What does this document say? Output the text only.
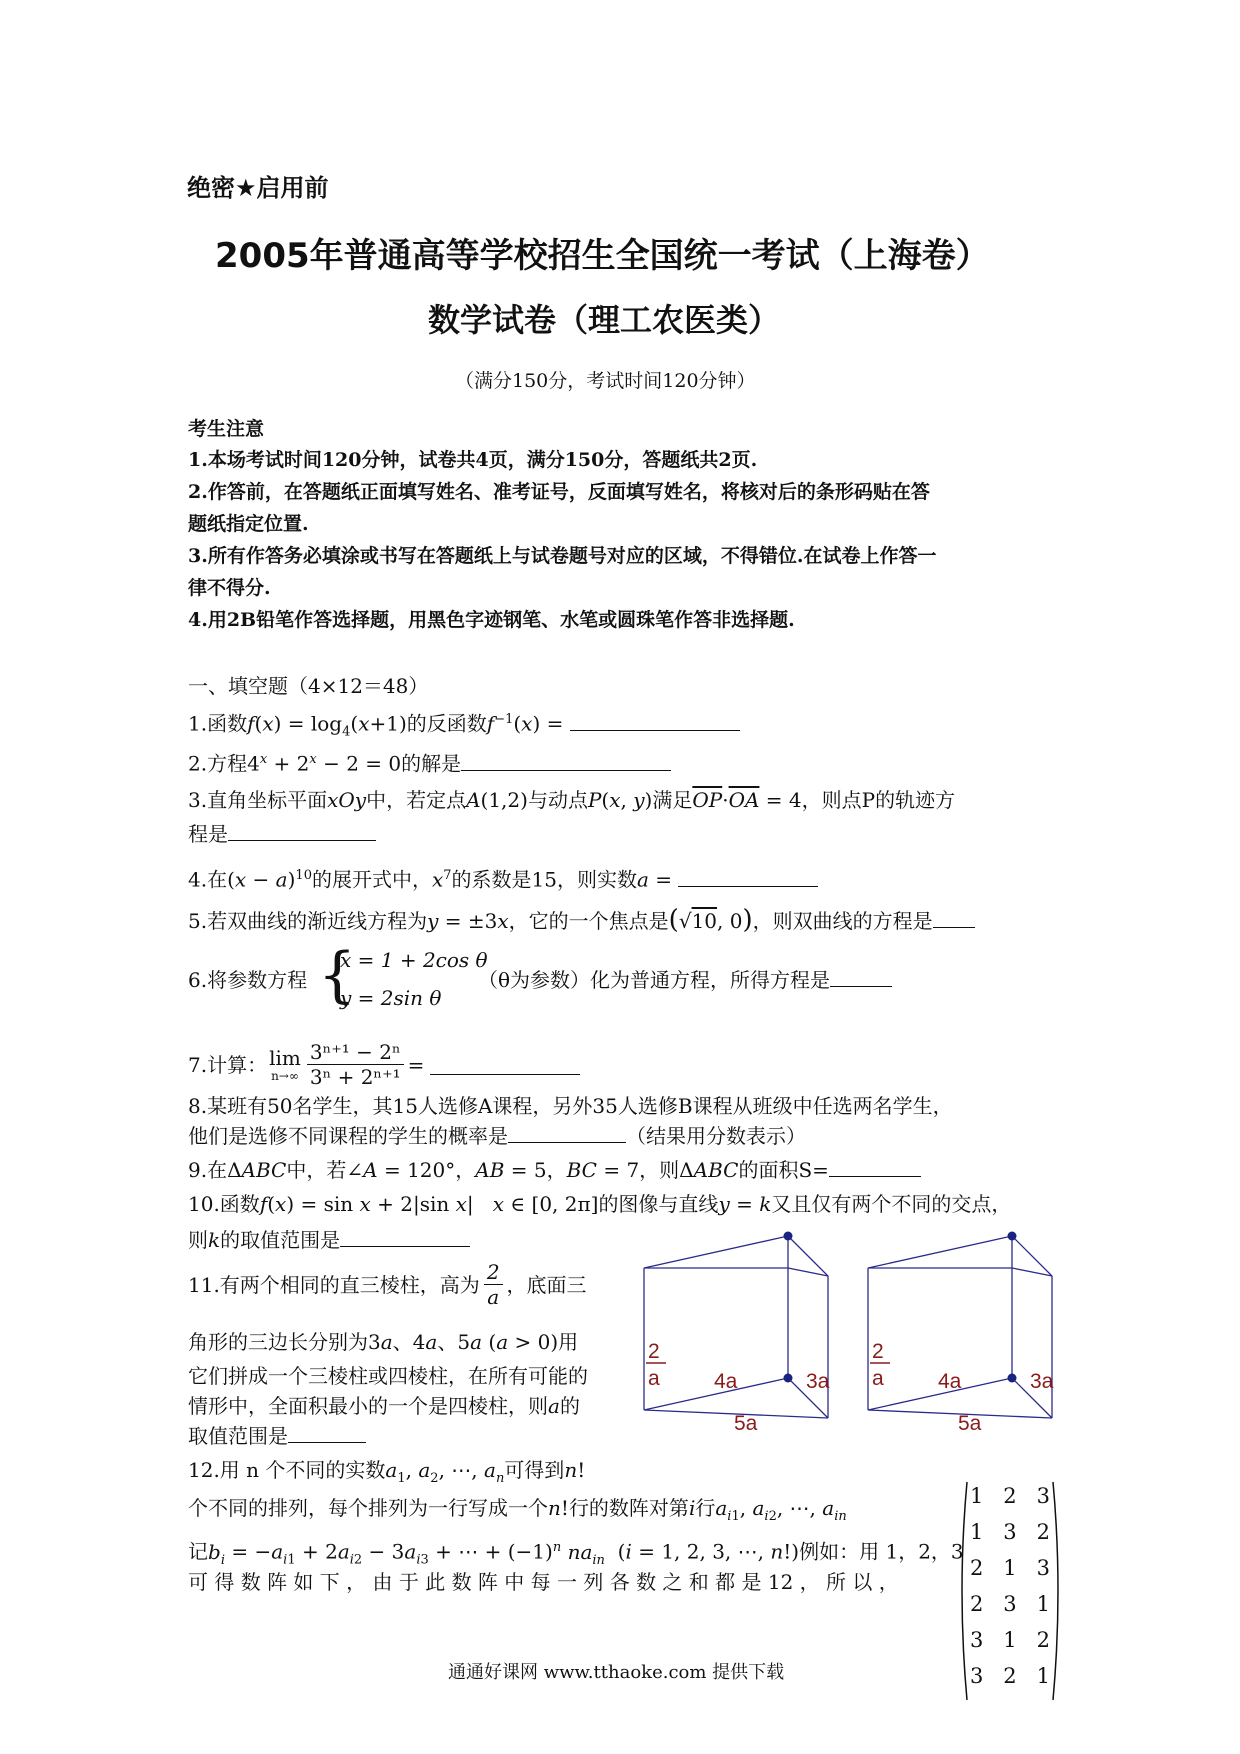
绝密★启用前
2005年普通高等学校招生全国统一考试（上海卷）
数学试卷（理工农医类）
（满分150分，考试时间120分钟）
考生注意
1.本场考试时间120分钟，试卷共4页，满分150分，答题纸共2页.
2.作答前，在答题纸正面填写姓名、准考证号，反面填写姓名，将核对后的条形码贴在答
题纸指定位置.
3.所有作答务必填涂或书写在答题纸上与试卷题号对应的区域，不得错位.在试卷上作答一
律不得分.
4.用2B铅笔作答选择题，用黑色字迹钢笔、水笔或圆珠笔作答非选择题.
一、填空题（4×12＝48）
1.函数$f(x) = \log_4(x+1)$的反函数$f^{-1}(x)$ =
2.方程$4^x + 2^x - 2 = 0$的解是
3.直角坐标平面xOy中，若定点A(1,2)与动点P(x, y)满足$\overline{OP}\cdot\overline{OA} = 4$，则点P的轨迹方
程是
4.在$(x - a)^{10}$的展开式中，$x^7$的系数是15，则实数a =
5.若双曲线的渐近线方程为y = ±3x，它的一个焦点是(√10, 0)，则双曲线的方程是
6.将参数方程 {
x = 1 + 2cos θ
y = 2sin θ
（θ为参数）化为普通方程，所得方程是
7.计算： lim
$n\to\infty \frac{\text{3ⁿ⁺¹ − 2ⁿ}}{\text{3ⁿ + 2ⁿ⁺¹}}$ =
8.某班有50名学生，其15人选修A课程，另外35人选修B课程从班级中任选两名学生，
他们是选修不同课程的学生的概率是	（结果用分数表示）
9.在ΔABC中，若∠A = 120°，AB = 5，BC = 7，则ΔABC的面积S=
10.函数f(x) = sin x + 2|sin x|   x ∈ [0, 2π]的图像与直线y = k又且仅有两个不同的交点，
则k的取值范围是
11.有两个相同的直三棱柱，高为 $\frac{2}{a}$ ，底面三
角形的三边长分别为3a、4a、5a (a > 0)用
它们拼成一个三棱柱或四棱柱，在所有可能的
情形中，全面积最小的一个是四棱柱，则a的
取值范围是
2
a	4a	3a
5a
2
a	4a	3a
5a
12.用 n 个不同的实数$a_1$, $a_2$, ⋯, $a_n$可得到n!
个不同的排列，每个排列为一行写成一个n!行的数阵对第i行$a_{i1}$, $a_{i2}$, ⋯, $a_{in}$
记$b_i = -a_{i1} + 2a_{i2} - 3a_{i3}$ + ⋯ + $(-1)^n$ $na_{in}$  (i = 1, 2, 3, ⋯, n!)例如：用 1，2，3
可 得 数 阵 如 下 ， 由 于 此 数 阵 中 每 一 列 各 数 之 和 都 是 12 ， 所 以 ，
1 2 3
1 3 2
2 1 3
2 3 1
3 1 2
3 2 1
通通好课网 www.tthaoke.com 提供下载
